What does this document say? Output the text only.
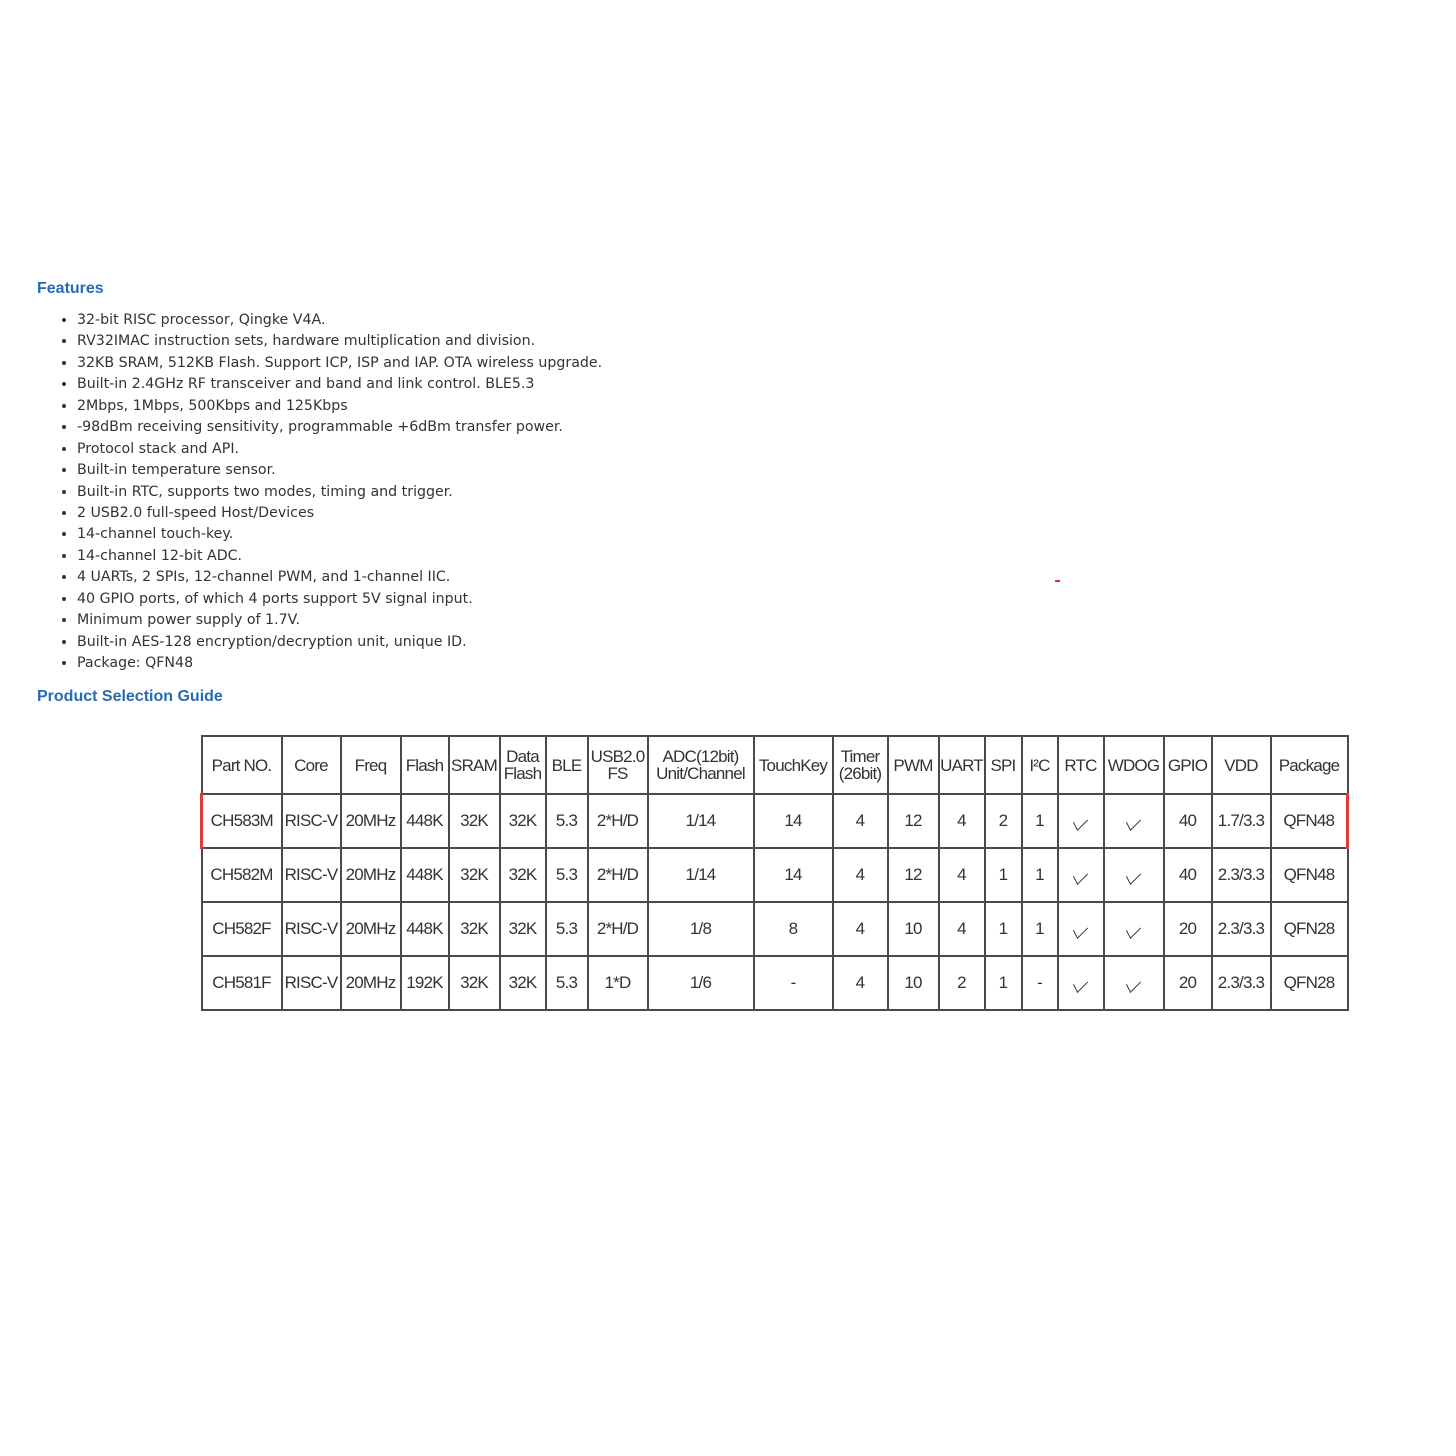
Features
• 32-bit RISC processor, Qingke V4A.
• RV32IMAC instruction sets, hardware multiplication and division.
• 32KB SRAM, 512KB Flash. Support ICP, ISP and IAP. OTA wireless upgrade.
• Built-in 2.4GHz RF transceiver and band and link control. BLE5.3
• 2Mbps, 1Mbps, 500Kbps and 125Kbps
• -98dBm receiving sensitivity, programmable +6dBm transfer power.
• Protocol stack and API.
• Built-in temperature sensor.
• Built-in RTC, supports two modes, timing and trigger.
• 2 USB2.0 full-speed Host/Devices
• 14-channel touch-key.
• 14-channel 12-bit ADC.
• 4 UARTs, 2 SPIs, 12-channel PWM, and 1-channel IIC.
• 40 GPIO ports, of which 4 ports support 5V signal input.
• Minimum power supply of 1.7V.
• Built-in AES-128 encryption/decryption unit, unique ID.
• Package: QFN48
Product Selection Guide
Part NO.	Core	Freq	Flash	SRAM	Data Flash	BLE	USB2.0 FS	ADC(12bit) Unit/Channel	TouchKey	Timer (26bit)	PWM	UART	SPI	I²C	RTC	WDOG	GPIO	VDD	Package
CH583M	RISC-V	20MHz	448K	32K	32K	5.3	2*H/D	1/14	14	4	12	4	2	1			40	1.7/3.3	QFN48
CH582M	RISC-V	20MHz	448K	32K	32K	5.3	2*H/D	1/14	14	4	12	4	1	1			40	2.3/3.3	QFN48
CH582F	RISC-V	20MHz	448K	32K	32K	5.3	2*H/D	1/8	8	4	10	4	1	1			20	2.3/3.3	QFN28
CH581F	RISC-V	20MHz	192K	32K	32K	5.3	1*D	1/6	-	4	10	2	1	-			20	2.3/3.3	QFN28
